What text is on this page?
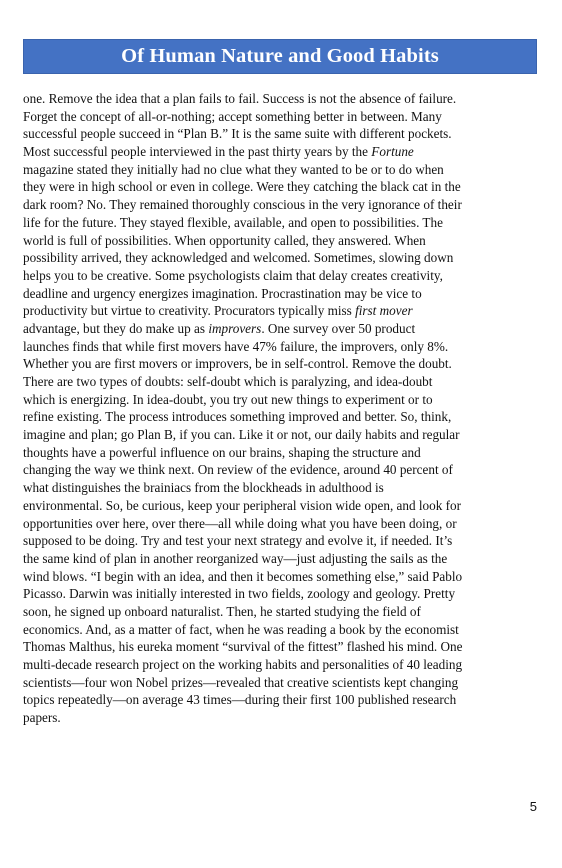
Of Human Nature and Good Habits
one. Remove the idea that a plan fails to fail. Success is not the absence of failure.
Forget the concept of all-or-nothing; accept something better in between. Many
successful people succeed in “Plan B.” It is the same suite with different pockets.
Most successful people interviewed in the past thirty years by the Fortune
magazine stated they initially had no clue what they wanted to be or to do when
they were in high school or even in college. Were they catching the black cat in the
dark room? No. They remained thoroughly conscious in the very ignorance of their
life for the future. They stayed flexible, available, and open to possibilities. The
world is full of possibilities. When opportunity called, they answered. When
possibility arrived, they acknowledged and welcomed. Sometimes, slowing down
helps you to be creative. Some psychologists claim that delay creates creativity,
deadline and urgency energizes imagination. Procrastination may be vice to
productivity but virtue to creativity. Procurators typically miss first mover
advantage, but they do make up as improvers. One survey over 50 product
launches finds that while first movers have 47% failure, the improvers, only 8%.
Whether you are first movers or improvers, be in self-control. Remove the doubt.
There are two types of doubts: self-doubt which is paralyzing, and idea-doubt
which is energizing. In idea-doubt, you try out new things to experiment or to
refine existing. The process introduces something improved and better. So, think,
imagine and plan; go Plan B, if you can. Like it or not, our daily habits and regular
thoughts have a powerful influence on our brains, shaping the structure and
changing the way we think next. On review of the evidence, around 40 percent of
what distinguishes the brainiacs from the blockheads in adulthood is
environmental. So, be curious, keep your peripheral vision wide open, and look for
opportunities over here, over there—all while doing what you have been doing, or
supposed to be doing. Try and test your next strategy and evolve it, if needed. It’s
the same kind of plan in another reorganized way—just adjusting the sails as the
wind blows. “I begin with an idea, and then it becomes something else,” said Pablo
Picasso. Darwin was initially interested in two fields, zoology and geology. Pretty
soon, he signed up onboard naturalist. Then, he started studying the field of
economics. And, as a matter of fact, when he was reading a book by the economist
Thomas Malthus, his eureka moment “survival of the fittest” flashed his mind. One
multi-decade research project on the working habits and personalities of 40 leading
scientists—four won Nobel prizes—revealed that creative scientists kept changing
topics repeatedly—on average 43 times—during their first 100 published research
papers.
5
